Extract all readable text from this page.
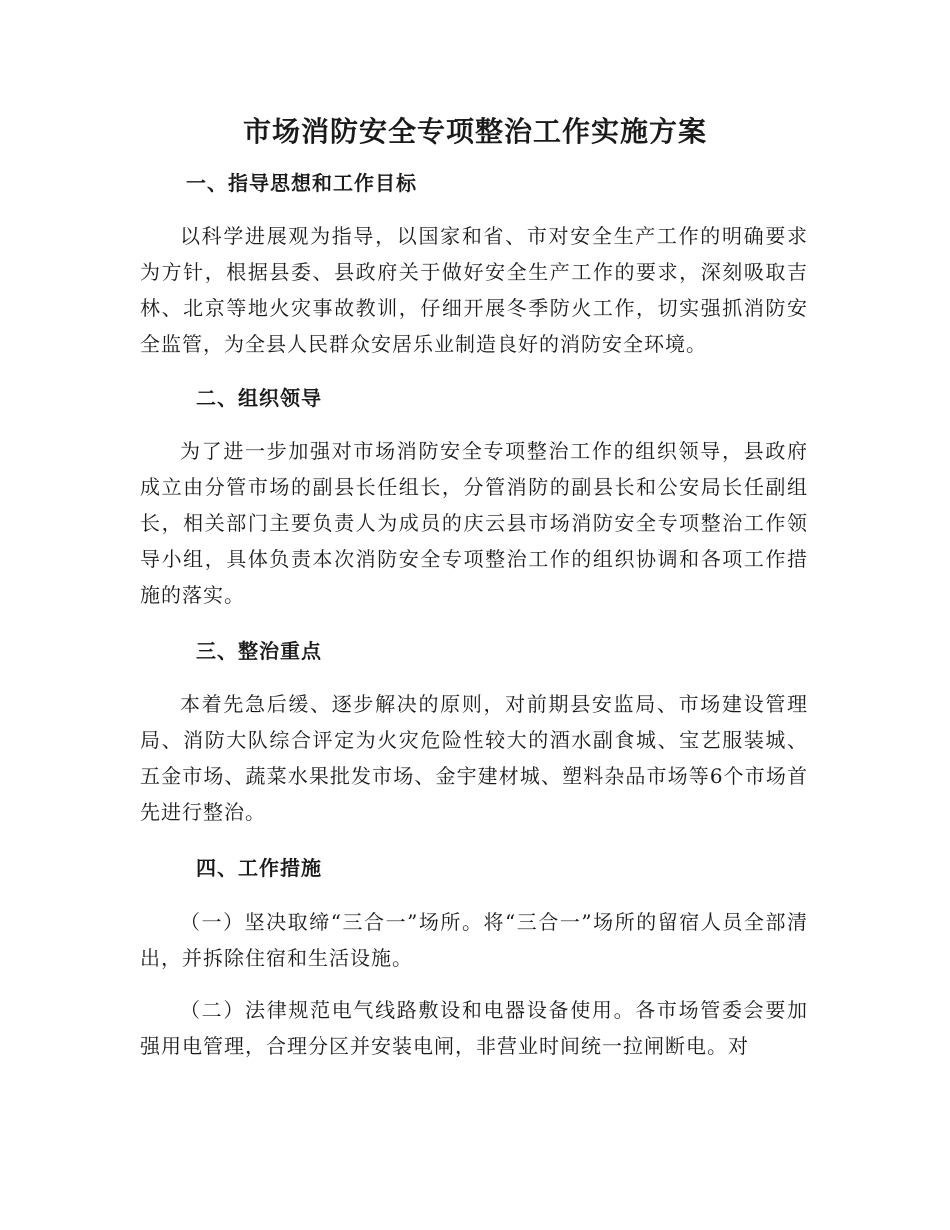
市场消防安全专项整治工作实施方案
一、指导思想和工作目标

以科学进展观为指导，以国家和省、市对安全生产工作的明确要求为方针，根据县委、县政府关于做好安全生产工作的要求，深刻吸取吉林、北京等地火灾事故教训，仔细开展冬季防火工作，切实强抓消防安全监管，为全县人民群众安居乐业制造良好的消防安全环境。

二、组织领导

为了进一步加强对市场消防安全专项整治工作的组织领导，县政府成立由分管市场的副县长任组长，分管消防的副县长和公安局长任副组长，相关部门主要负责人为成员的庆云县市场消防安全专项整治工作领导小组，具体负责本次消防安全专项整治工作的组织协调和各项工作措施的落实。

三、整治重点

本着先急后缓、逐步解决的原则，对前期县安监局、市场建设管理局、消防大队综合评定为火灾危险性较大的酒水副食城、宝艺服装城、五金市场、蔬菜水果批发市场、金宇建材城、塑料杂品市场等6个市场首先进行整治。

四、工作措施

（一）坚决取缔“三合一”场所。将“三合一”场所的留宿人员全部清出，并拆除住宿和生活设施。

（二）法律规范电气线路敷设和电器设备使用。各市场管委会要加强用电管理，合理分区并安装电闸，非营业时间统一拉闸断电。对
